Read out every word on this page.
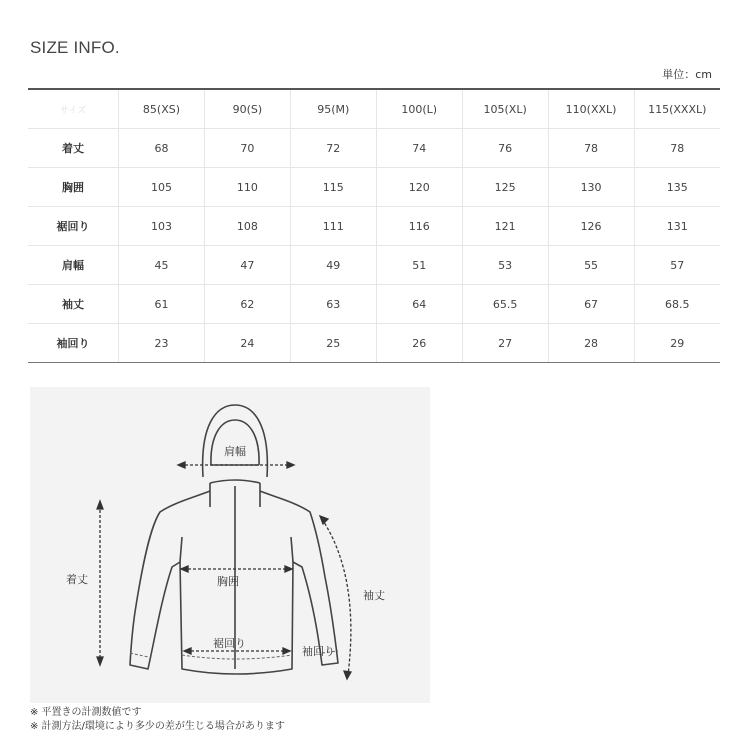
SIZE INFO.
単位：cm
サイズ	85(XS)	90(S)	95(M)	100(L)	105(XL)	110(XXL)	115(XXXL)
着丈	68	70	72	74	76	78	78
胸囲	105	110	115	120	125	130	135
裾回り	103	108	111	116	121	126	131
肩幅	45	47	49	51	53	55	57
袖丈	61	62	63	64	65.5	67	68.5
袖回り	23	24	25	26	27	28	29
肩幅
着丈	胸囲
裾回り
袖丈
袖回り
※ 平置きの計測数値です
※ 計測方法/環境により多少の差が生じる場合があります
